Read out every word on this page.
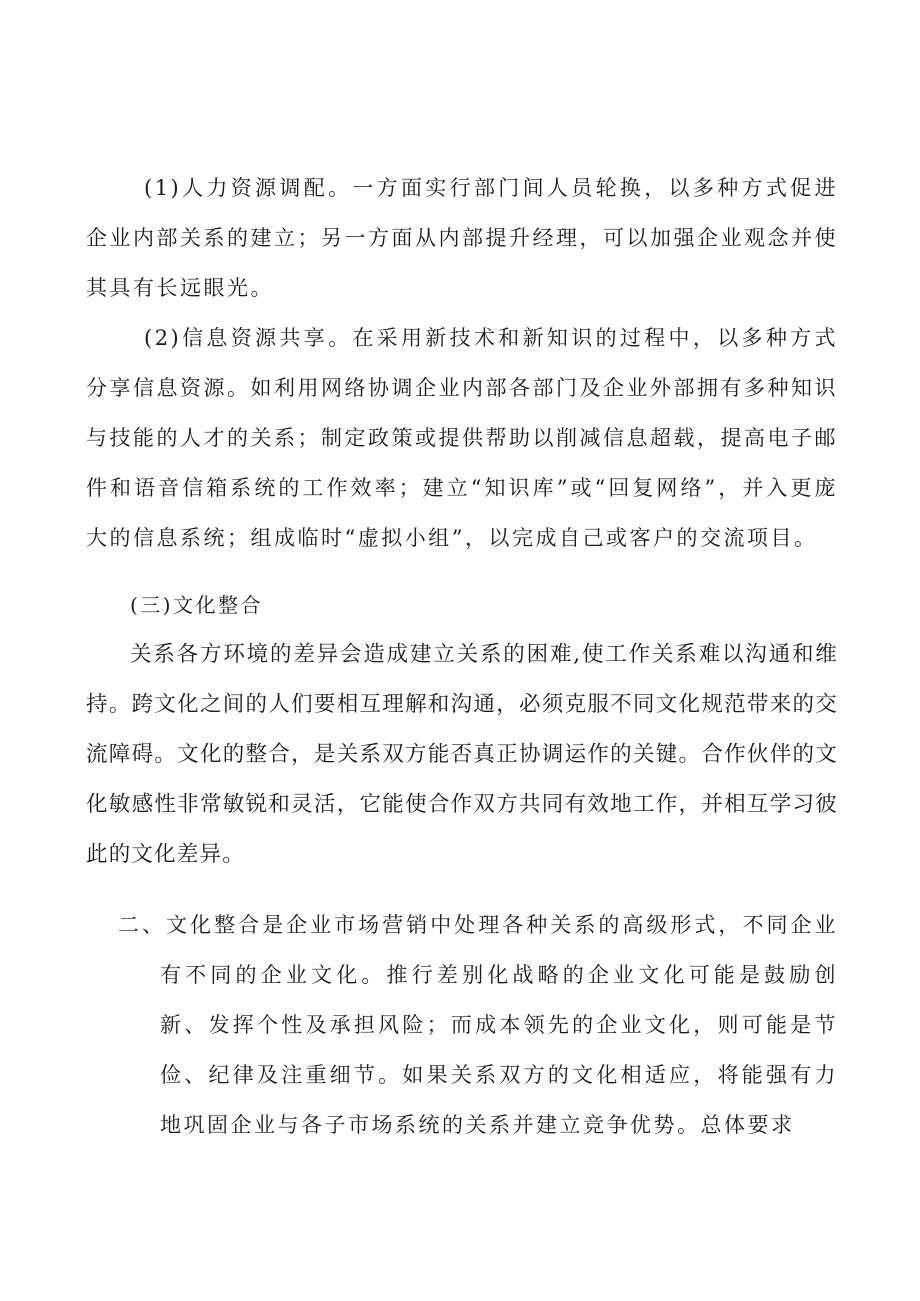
(1)人力资源调配。一方面实行部门间人员轮换，以多种方式促进企业内部关系的建立；另一方面从内部提升经理，可以加强企业观念并使其具有长远眼光。

(2)信息资源共享。在采用新技术和新知识的过程中，以多种方式分享信息资源。如利用网络协调企业内部各部门及企业外部拥有多种知识与技能的人才的关系；制定政策或提供帮助以削减信息超载，提高电子邮件和语音信箱系统的工作效率；建立“知识库”或“回复网络”，并入更庞大的信息系统；组成临时“虚拟小组”，以完成自己或客户的交流项目。

(三)文化整合

关系各方环境的差异会造成建立关系的困难,使工作关系难以沟通和维持。跨文化之间的人们要相互理解和沟通，必须克服不同文化规范带来的交流障碍。文化的整合，是关系双方能否真正协调运作的关键。合作伙伴的文化敏感性非常敏锐和灵活，它能使合作双方共同有效地工作，并相互学习彼此的文化差异。

二、文化整合是企业市场营销中处理各种关系的高级形式，不同企业有不同的企业文化。推行差别化战略的企业文化可能是鼓励创新、发挥个性及承担风险；而成本领先的企业文化，则可能是节俭、纪律及注重细节。如果关系双方的文化相适应，将能强有力地巩固企业与各子市场系统的关系并建立竞争优势。总体要求
